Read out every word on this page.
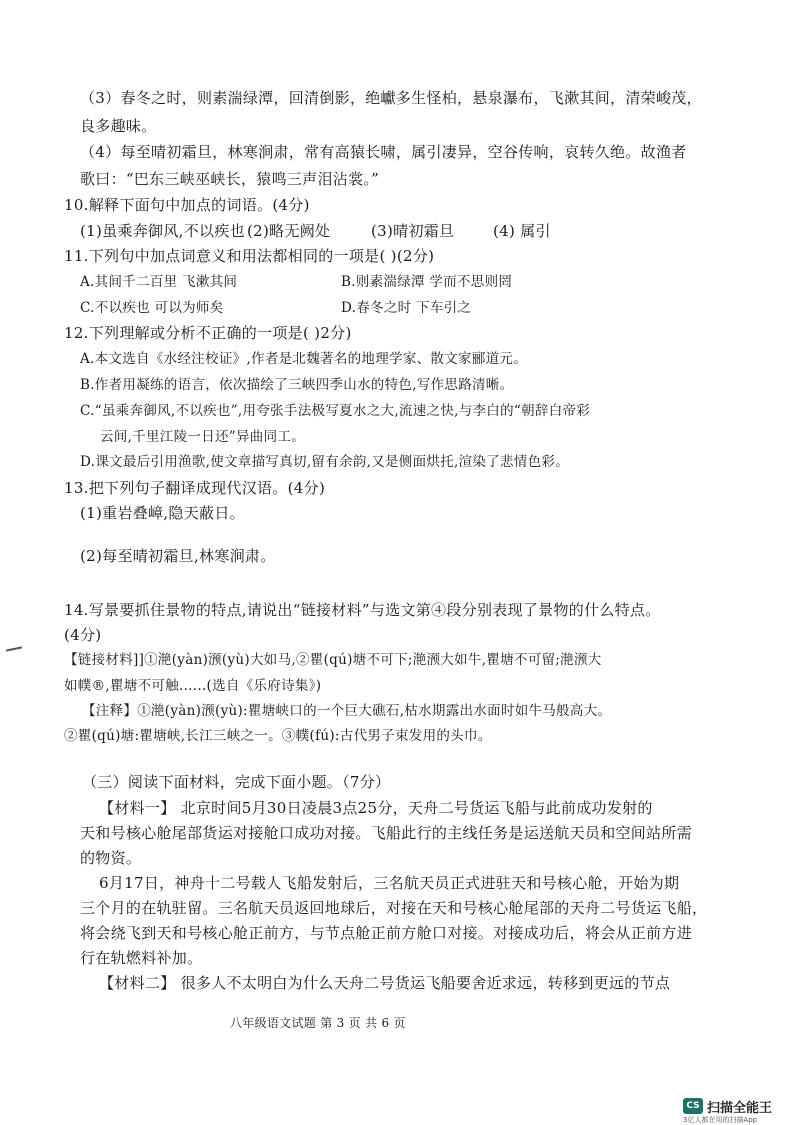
（3）春冬之时，则素湍绿潭，回清倒影，绝巘多生怪柏，悬泉瀑布，飞漱其间，清荣峻茂，
良多趣味。
（4）每至晴初霜旦，林寒涧肃，常有高猿长啸，属引凄异，空谷传响，哀转久绝。故渔者
歌曰：“巴东三峡巫峡长，猿鸣三声泪沾裳。”
10.解释下面句中加点的词语。(4分)
(1)虽乘奔御风,不以疾也 (2)略无阙处	(3)晴初霜旦	(4) 属引
11.下列句中加点词意义和用法都相同的一项是( )(2分)
A.其间千二百里 飞漱其间	B.则素湍绿潭 学而不思则罔
C.不以疾也 可以为师矣	D.春冬之时 下车引之
12.下列理解或分析不正确的一项是( )2分)
A.本文选自《水经注校证》,作者是北魏著名的地理学家、散文家郦道元。
B.作者用凝练的语言，依次描绘了三峡四季山水的特色,写作思路清晰。
C.“虽乘奔御风,不以疾也”,用夸张手法极写夏水之大,流速之快,与李白的“朝辞白帝彩
云间,千里江陵一日还”异曲同工。
D.课文最后引用渔歌,使文章描写真切,留有余韵,又是侧面烘托,渲染了悲情色彩。
13.把下列句子翻译成现代汉语。(4分)
(1)重岩叠嶂,隐天蔽日。
(2)每至晴初霜旦,林寒涧肃。
14.写景要抓住景物的特点,请说出“链接材料”与选文第④段分别表现了景物的什么特点。
(4分)
【链接材料]]①滟(yàn)滪(yù)大如马,②瞿(qú)塘不可下;滟滪大如牛,瞿塘不可留;滟滪大
如幞®,瞿塘不可触......(选自《乐府诗集》)
【注释】①滟(yàn)滪(yù):瞿塘峡口的一个巨大礁石,枯水期露出水面时如牛马般高大。
②瞿(qú)塘:瞿塘峡,长江三峡之一。③幞(fú):古代男子束发用的头巾。
（三）阅读下面材料，完成下面小题。（7分）
【材料一】 北京时间5月30日凌晨3点25分，天舟二号货运飞船与此前成功发射的
天和号核心舱尾部货运对接舱口成功对接。飞船此行的主线任务是运送航天员和空间站所需
的物资。
6月17日，神舟十二号载人飞船发射后，三名航天员正式进驻天和号核心舱，开始为期
三个月的在轨驻留。三名航天员返回地球后，对接在天和号核心舱尾部的天舟二号货运飞船，
将会绕飞到天和号核心舱正前方，与节点舱正前方舱口对接。对接成功后，将会从正前方进
行在轨燃料补加。
【材料二】 很多人不太明白为什么天舟二号货运飞船要舍近求远，转移到更远的节点
八年级语文试题 第 3 页 共 6 页
CS 扫描全能王
3亿人都在用的扫描App
